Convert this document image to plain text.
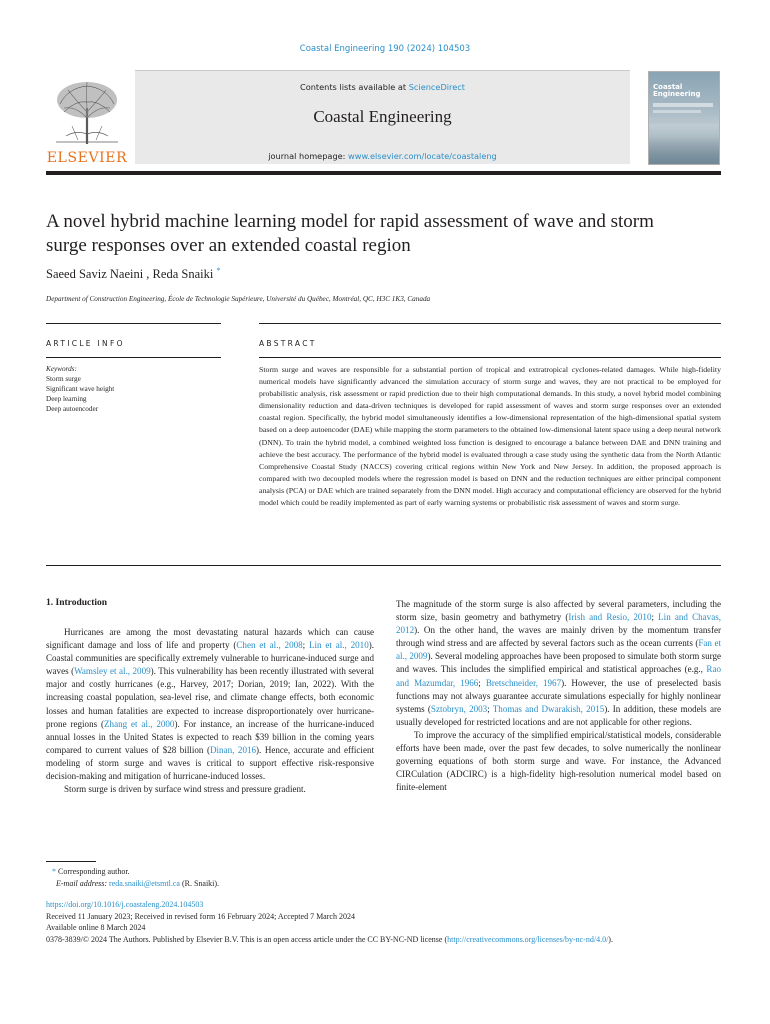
Coastal Engineering 190 (2024) 104503
ELSEVIER
Contents lists available at ScienceDirect
Coastal Engineering
journal homepage: www.elsevier.com/locate/coastaleng
Coastal
Engineering
A novel hybrid machine learning model for rapid assessment of wave and storm surge responses over an extended coastal region
Saeed Saviz Naeini , Reda Snaiki *
Department of Construction Engineering, École de Technologie Supérieure, Université du Québec, Montréal, QC, H3C 1K3, Canada
ARTICLE INFO	ABSTRACT
Keywords:
Storm surge
Significant wave height
Deep learning
Deep autoencoder
Storm surge and waves are responsible for a substantial portion of tropical and extratropical cyclones-related damages. While high-fidelity numerical models have significantly advanced the simulation accuracy of storm surge and waves, they are not practical to be employed for probabilistic analysis, risk assessment or rapid prediction due to their high computational demands. In this study, a novel hybrid model combining dimensionality reduction and data-driven techniques is developed for rapid assessment of waves and storm surge responses over an extended coastal region. Specifically, the hybrid model simultaneously identifies a low-dimensional representation of the high-dimensional spatial system based on a deep autoencoder (DAE) while mapping the storm parameters to the obtained low-dimensional latent space using a deep neural network (DNN). To train the hybrid model, a combined weighted loss function is designed to encourage a balance between DAE and DNN training and achieve the best accuracy. The performance of the hybrid model is evaluated through a case study using the synthetic data from the North Atlantic Comprehensive Coastal Study (NACCS) covering critical regions within New York and New Jersey. In addition, the proposed approach is compared with two decoupled models where the regression model is based on DNN and the reduction techniques are either principal component analysis (PCA) or DAE which are trained separately from the DNN model. High accuracy and computational efficiency are observed for the hybrid model which could be readily implemented as part of early warning systems or probabilistic risk assessment of waves and storm surge.
1. Introduction

Hurricanes are among the most devastating natural hazards which can cause significant damage and loss of life and property (Chen et al., 2008; Lin et al., 2010). Coastal communities are specifically extremely vulnerable to hurricane-induced surge and waves (Wamsley et al., 2009). This vulnerability has been recently illustrated with several major and costly hurricanes (e.g., Harvey, 2017; Dorian, 2019; Ian, 2022). With the increasing coastal population, sea-level rise, and climate change effects, both economic losses and human fatalities are expected to increase disproportionately over hurricane-prone regions (Zhang et al., 2000). For instance, an increase of the hurricane-induced annual losses in the United States is expected to reach $39 billion in the coming years compared to current values of $28 billion (Dinan, 2016). Hence, accurate and efficient modeling of storm surge and waves is critical to support effective risk-responsive decision-making and mitigation of hurricane-induced losses.

Storm surge is driven by surface wind stress and pressure gradient.

The magnitude of the storm surge is also affected by several parameters, including the storm size, basin geometry and bathymetry (Irish and Resio, 2010; Lin and Chavas, 2012). On the other hand, the waves are mainly driven by the momentum transfer through wind stress and are affected by several factors such as the ocean currents (Fan et al., 2009). Several modeling approaches have been proposed to simulate both storm surge and waves. This includes the simplified empirical and statistical approaches (e.g., Rao and Mazumdar, 1966; Bretschneider, 1967). However, the use of preselected basis functions may not always guarantee accurate simulations especially for highly nonlinear systems (Sztobryn, 2003; Thomas and Dwarakish, 2015). In addition, these models are usually developed for restricted locations and are not applicable for other regions.

To improve the accuracy of the simplified empirical/statistical models, considerable efforts have been made, over the past few decades, to solve numerically the nonlinear governing equations of both storm surge and wave. For instance, the Advanced CIRCulation (ADCIRC) is a high-fidelity high-resolution numerical model based on finite-element

* Corresponding author.
E-mail address: reda.snaiki@etsmtl.ca (R. Snaiki).
https://doi.org/10.1016/j.coastaleng.2024.104503
Received 11 January 2023; Received in revised form 16 February 2024; Accepted 7 March 2024
Available online 8 March 2024
0378-3839/© 2024 The Authors. Published by Elsevier B.V. This is an open access article under the CC BY-NC-ND license (http://creativecommons.org/licenses/by-nc-nd/4.0/).
